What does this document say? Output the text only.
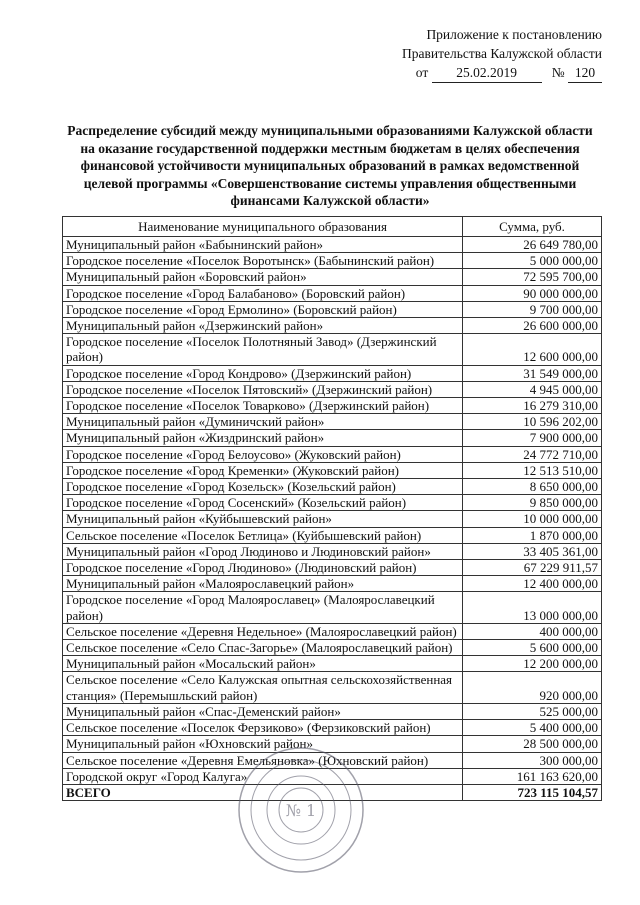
Приложение к постановлению
Правительства Калужской области
от 25.02.2019	№ 120
Распределение субсидий между муниципальными образованиями Калужской области на оказание государственной поддержки местным бюджетам в целях обеспечения финансовой устойчивости муниципальных образований в рамках ведомственной целевой программы «Совершенствование системы управления общественными финансами Калужской области»
Наименование муниципального образования	Сумма, руб.
Муниципальный район «Бабынинский район»	26 649 780,00
Городское поселение «Поселок Воротынск» (Бабынинский район)	5 000 000,00
Муниципальный район «Боровский район»	72 595 700,00
Городское поселение «Город Балабаново» (Боровский район)	90 000 000,00
Городское поселение «Город Ермолино» (Боровский район)	9 700 000,00
Муниципальный район «Дзержинский район»	26 600 000,00
Городское поселение «Поселок Полотняный Завод» (Дзержинский район)	12 600 000,00
Городское поселение «Город Кондрово» (Дзержинский район)	31 549 000,00
Городское поселение «Поселок Пятовский» (Дзержинский район)	4 945 000,00
Городское поселение «Поселок Товарково» (Дзержинский район)	16 279 310,00
Муниципальный район «Думиничский район»	10 596 202,00
Муниципальный район «Жиздринский район»	7 900 000,00
Городское поселение «Город Белоусово» (Жуковский район)	24 772 710,00
Городское поселение «Город Кременки» (Жуковский район)	12 513 510,00
Городское поселение «Город Козельск» (Козельский район)	8 650 000,00
Городское поселение «Город Сосенский» (Козельский район)	9 850 000,00
Муниципальный район «Куйбышевский район»	10 000 000,00
Сельское поселение «Поселок Бетлица» (Куйбышевский район)	1 870 000,00
Муниципальный район «Город Людиново и Людиновский район»	33 405 361,00
Городское поселение «Город Людиново» (Людиновский район)	67 229 911,57
Муниципальный район «Малоярославецкий район»	12 400 000,00
Городское поселение «Город Малоярославец» (Малоярославецкий район)	13 000 000,00
Сельское поселение «Деревня Недельное» (Малоярославецкий район)	400 000,00
Сельское поселение «Село Спас-Загорье» (Малоярославецкий район)	5 600 000,00
Муниципальный район «Мосальский район»	12 200 000,00
Сельское поселение «Село Калужская опытная сельскохозяйственная станция» (Перемышльский район)	920 000,00
Муниципальный район «Спас-Деменский район»	525 000,00
Сельское поселение «Поселок Ферзиково» (Ферзиковский район)	5 400 000,00
Муниципальный район «Юхновский район»	28 500 000,00
Сельское поселение «Деревня Емельяновка» (Юхновский район)	300 000,00
Городской округ «Город Калуга»	161 163 620,00
ВСЕГО	723 115 104,57
№ 1
